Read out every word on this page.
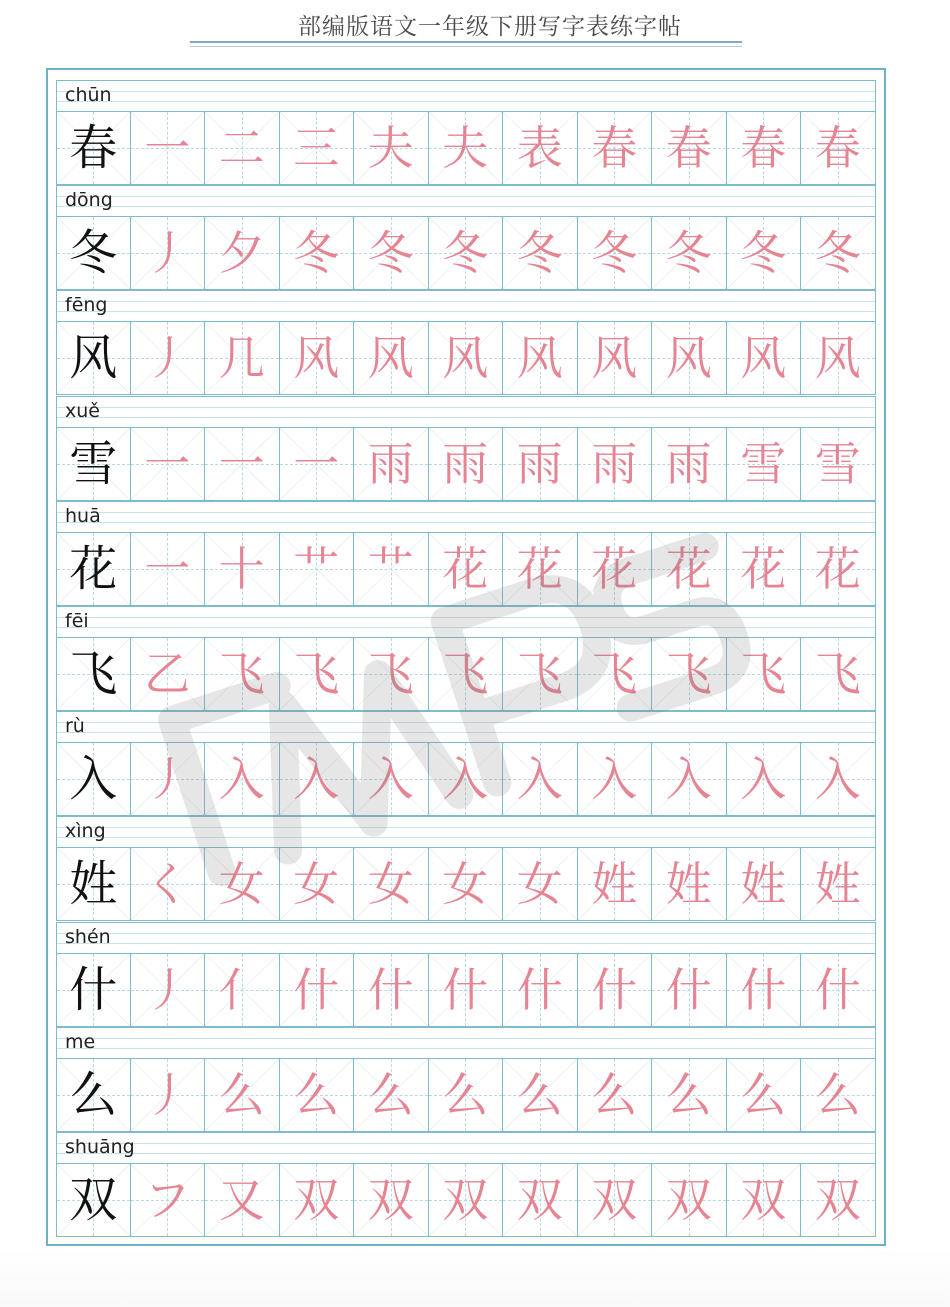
部编版语文一年级下册写字表练字帖
chūn
春 一 二 三 夫 夫 表 春 春 春 春
dōng
冬 丿 夕 冬 冬 冬 冬 冬 冬 冬 冬
fēng
风 丿 几 风 风 风 风 风 风 风 风
xuě
雪 一 一 一 雨 雨 雨 雨 雨 雪 雪
huā
花 一 十 艹 艹 花 花 花 花 花 花
fēi
飞 乙 飞 飞 飞 飞 飞 飞 飞 飞 飞
rù
入 丿 入 入 入 入 入 入 入 入 入
xìng
姓 く 女 女 女 女 女 姓 姓 姓 姓
shén
什 丿 亻 什 什 什 什 什 什 什 什
me
么 丿 么 么 么 么 么 么 么 么 么
shuāng
双 フ 又 双 双 双 双 双 双 双 双
